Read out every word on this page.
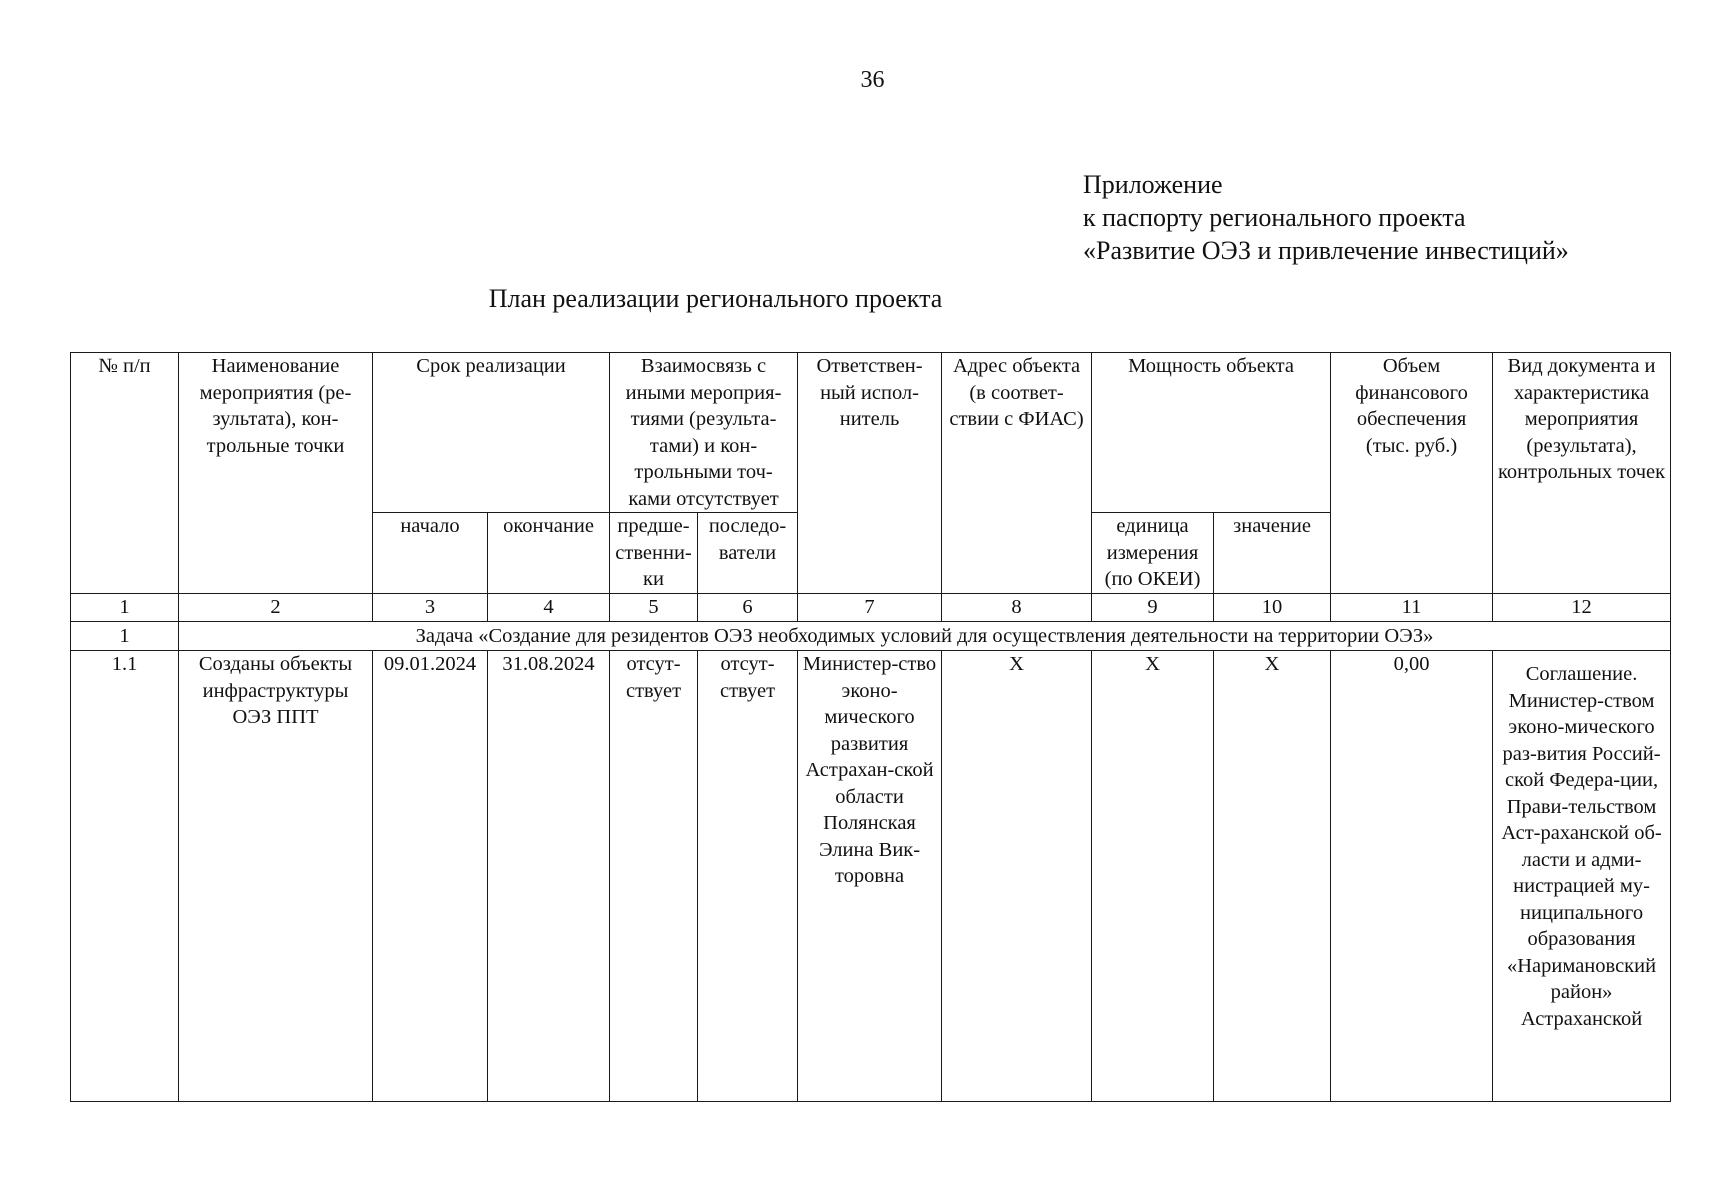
36
Приложение
к паспорту регионального проекта
«Развитие ОЭЗ и привлечение инвестиций»
План реализации регионального проекта
№ п/п	Наименование мероприятия (ре-зультата), кон-трольные точки	Срок реализации		Взаимосвязь с иными мероприя-тиями (результа-тами) и кон-трольными точ-ками отсутствует		Ответствен-ный испол-нитель	Адрес объекта (в соответ-ствии с ФИАС)	Мощность объекта		Объем финансового обеспечения (тыс. руб.)	Вид документа и характеристика мероприятия (результата), контрольных точек
		начало	окончание	предше-ственни-ки	последо-ватели			единица измерения (по ОКЕИ)	значение		
1	2	3	4	5	6	7	8	9	10	11	12
1	Задача «Создание для резидентов ОЭЗ необходимых условий для осуществления деятельности на территории ОЭЗ»										
1.1	Созданы объекты инфраструктуры ОЭЗ ППТ	09.01.2024	31.08.2024	отсут-ствует	отсут-ствует	Министер-ство эконо-мического развития Астрахан-ской области Полянская Элина Вик-торовна	X	X	X	0,00	Соглашение. Министер-ством эконо-мического раз-вития Россий-ской Федера-ции, Прави-тельством Аст-раханской об-ласти и адми-нистрацией му-ниципального образования «Наримановский район» Астраханской
